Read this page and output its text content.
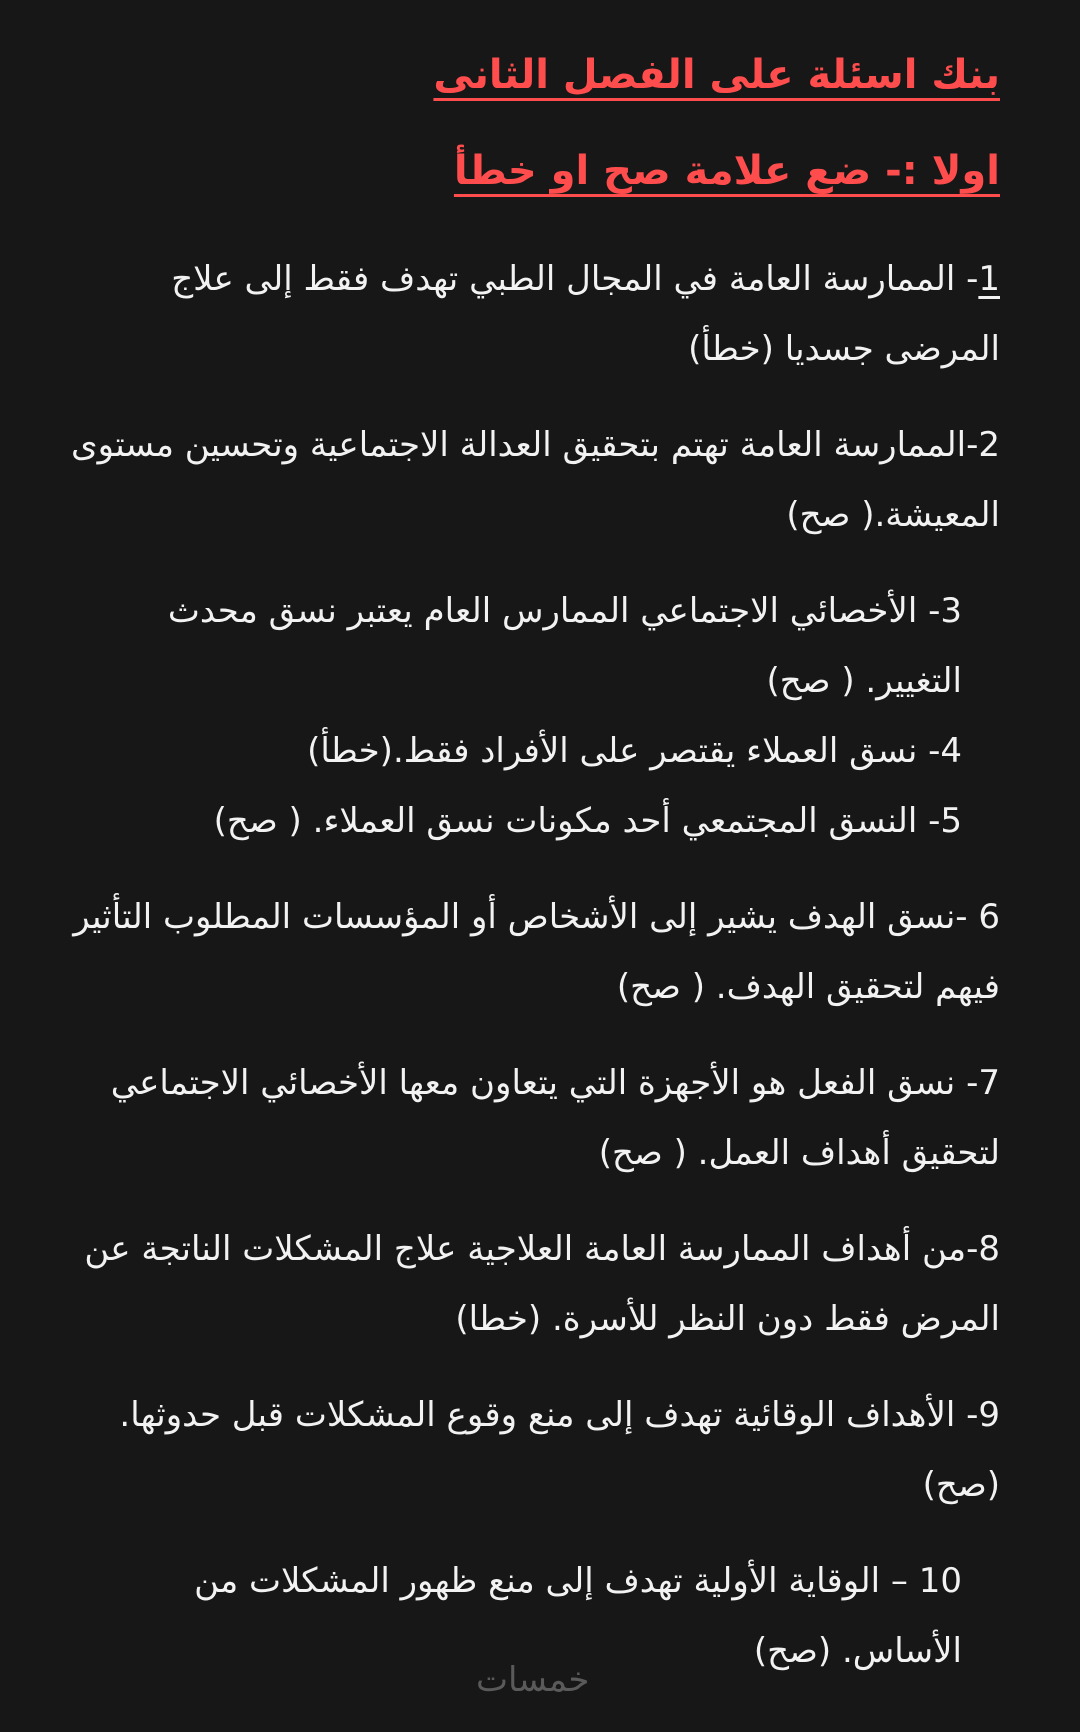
بنك اسئلة على الفصل الثانى
اولا :- ضع علامة صح او خطأ
1- الممارسة العامة في المجال الطبي تهدف فقط إلى علاج المرضى جسديا (خطأ)
2-الممارسة العامة تهتم بتحقيق العدالة الاجتماعية وتحسين مستوى المعيشة.( صح)
3- الأخصائي الاجتماعي الممارس العام يعتبر نسق محدث التغيير. ( صح)
4- نسق العملاء يقتصر على الأفراد فقط.(خطأ)
5- النسق المجتمعي أحد مكونات نسق العملاء. ( صح)
6 -نسق الهدف يشير إلى الأشخاص أو المؤسسات المطلوب التأثير فيهم لتحقيق الهدف. ( صح)
7- نسق الفعل هو الأجهزة التي يتعاون معها الأخصائي الاجتماعي لتحقيق أهداف العمل. ( صح)
8-من أهداف الممارسة العامة العلاجية علاج المشكلات الناتجة عن المرض فقط دون النظر للأسرة. (خطا)
9- الأهداف الوقائية تهدف إلى منع وقوع المشكلات قبل حدوثها.(صح)
10 – الوقاية الأولية تهدف إلى منع ظهور المشكلات من الأساس. (صح)
خمسات
